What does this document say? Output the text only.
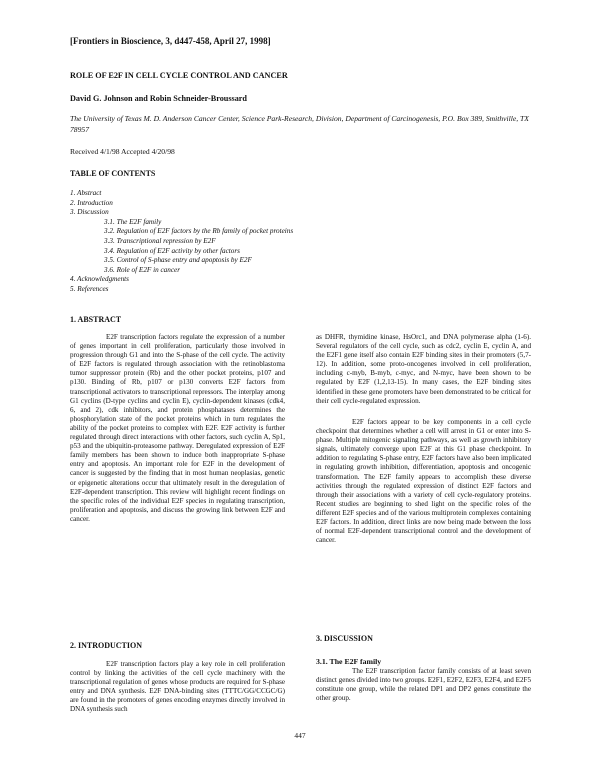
[Frontiers in Bioscience, 3, d447-458, April 27, 1998]
ROLE OF E2F IN CELL CYCLE CONTROL AND CANCER
David G. Johnson and Robin Schneider-Broussard
The University of Texas M. D. Anderson Cancer Center, Science Park-Research, Division, Department of Carcinogenesis, P.O. Box 389, Smithville, TX 78957
Received 4/1/98 Accepted 4/20/98
TABLE OF CONTENTS
1. Abstract
2. Introduction
3. Discussion
3.1. The E2F family
3.2. Regulation of E2F factors by the Rb family of pocket proteins
3.3. Transcriptional repression by E2F
3.4. Regulation of E2F activity by other factors
3.5. Control of S-phase entry and apoptosis by E2F
3.6. Role of E2F in cancer
4. Acknowledgments
5. References
1. ABSTRACT

E2F transcription factors regulate the expression of a number of genes important in cell proliferation, particularly those involved in progression through G1 and into the S-phase of the cell cycle. The activity of E2F factors is regulated through association with the retinoblastoma tumor suppressor protein (Rb) and the other pocket proteins, p107 and p130. Binding of Rb, p107 or p130 converts E2F factors from transcriptional activators to transcriptional repressors. The interplay among G1 cyclins (D-type cyclins and cyclin E), cyclin-dependent kinases (cdk4, 6, and 2), cdk inhibitors, and protein phosphatases determines the phosphorylation state of the pocket proteins which in turn regulates the ability of the pocket proteins to complex with E2F. E2F activity is further regulated through direct interactions with other factors, such cyclin A, Sp1, p53 and the ubiquitin-proteasome pathway. Deregulated expression of E2F family members has been shown to induce both inappropriate S-phase entry and apoptosis. An important role for E2F in the development of cancer is suggested by the finding that in most human neoplasias, genetic or epigenetic alterations occur that ultimately result in the deregulation of E2F-dependent transcription. This review will highlight recent findings on the specific roles of the individual E2F species in regulating transcription, proliferation and apoptosis, and discuss the growing link between E2F and cancer.

2. INTRODUCTION

E2F transcription factors play a key role in cell proliferation control by linking the activities of the cell cycle machinery with the transcriptional regulation of genes whose products are required for S-phase entry and DNA synthesis. E2F DNA-binding sites (TTTC/GG/CCGC/G) are found in the promoters of genes encoding enzymes directly involved in DNA synthesis such

as DHFR, thymidine kinase, HsOrc1, and DNA polymerase alpha (1-6). Several regulators of the cell cycle, such as cdc2, cyclin E, cyclin A, and the E2F1 gene itself also contain E2F binding sites in their promoters (5,7-12). In addition, some proto-oncogenes involved in cell proliferation, including c-myb, B-myb, c-myc, and N-myc, have been shown to be regulated by E2F (1,2,13-15). In many cases, the E2F binding sites identified in these gene promoters have been demonstrated to be critical for their cell cycle-regulated expression.

E2F factors appear to be key components in a cell cycle checkpoint that determines whether a cell will arrest in G1 or enter into S-phase. Multiple mitogenic signaling pathways, as well as growth inhibitory signals, ultimately converge upon E2F at this G1 phase checkpoint. In addition to regulating S-phase entry, E2F factors have also been implicated in regulating growth inhibition, differentiation, apoptosis and oncogenic transformation. The E2F family appears to accomplish these diverse activities through the regulated expression of distinct E2F factors and through their associations with a variety of cell cycle-regulatory proteins. Recent studies are beginning to shed light on the specific roles of the different E2F species and of the various multiprotein complexes containing E2F factors. In addition, direct links are now being made between the loss of normal E2F-dependent transcriptional control and the development of cancer.

3. DISCUSSION
3.1. The E2F family

The E2F transcription factor family consists of at least seven distinct genes divided into two groups. E2F1, E2F2, E2F3, E2F4, and E2F5 constitute one group, while the related DP1 and DP2 genes constitute the other group.

447
